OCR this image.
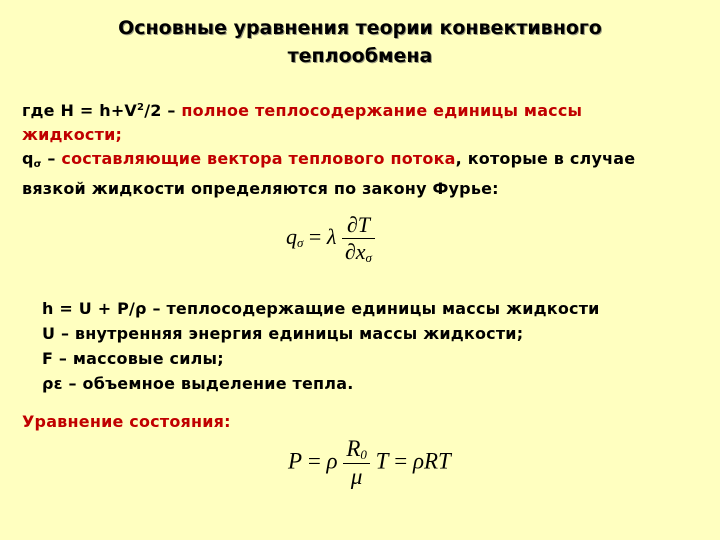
Основные уравнения теории конвективного
теплообмена
где $H = h+V^2/2$ – полное теплосодержание единицы массы
жидкости;
$q_\sigma$ – составляющие вектора теплового потока, которые в случае
вязкой жидкости определяются по закону Фурье:
$q_\sigma = \lambda \frac{\partial T}{\partial x_\sigma}$
h = U + P/ρ – теплосодержащие единицы массы жидкости
U – внутренняя энергия единицы массы жидкости;
F – массовые силы;
ρε – объемное выделение тепла.
Уравнение состояния:
P = ρ $\frac{R_0}{\mu}$ T = ρRT
